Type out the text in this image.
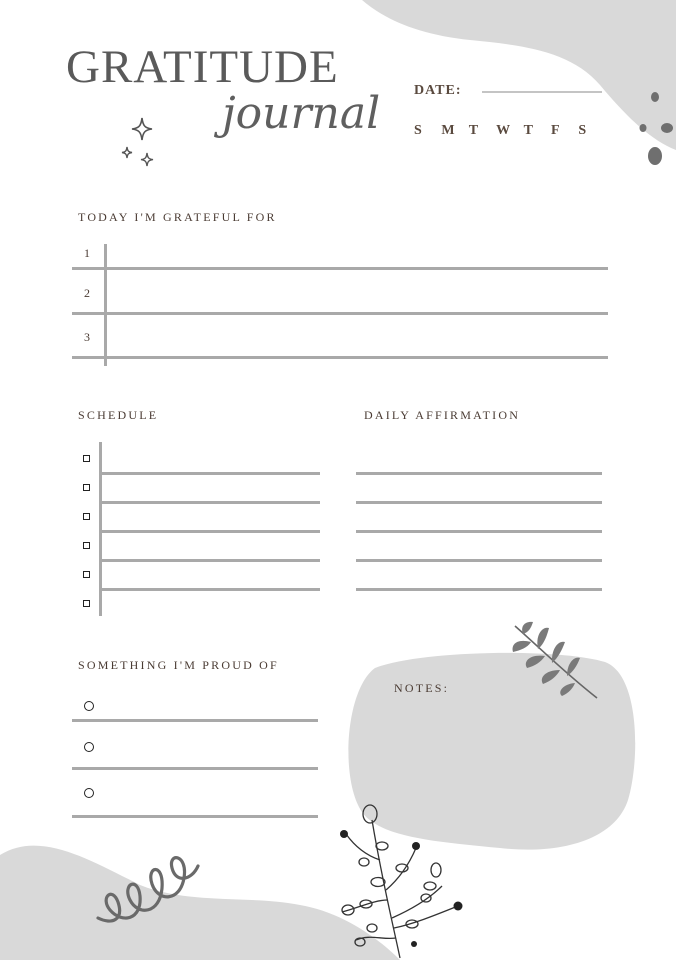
GRATITUDE
journal DATE:
S	M	T	W T	F	S
TODAY I'M GRATEFUL FOR
1
2
3
SCHEDULE	DAILY AFFIRMATION
SOMETHING I'M PROUD OF
NOTES:
